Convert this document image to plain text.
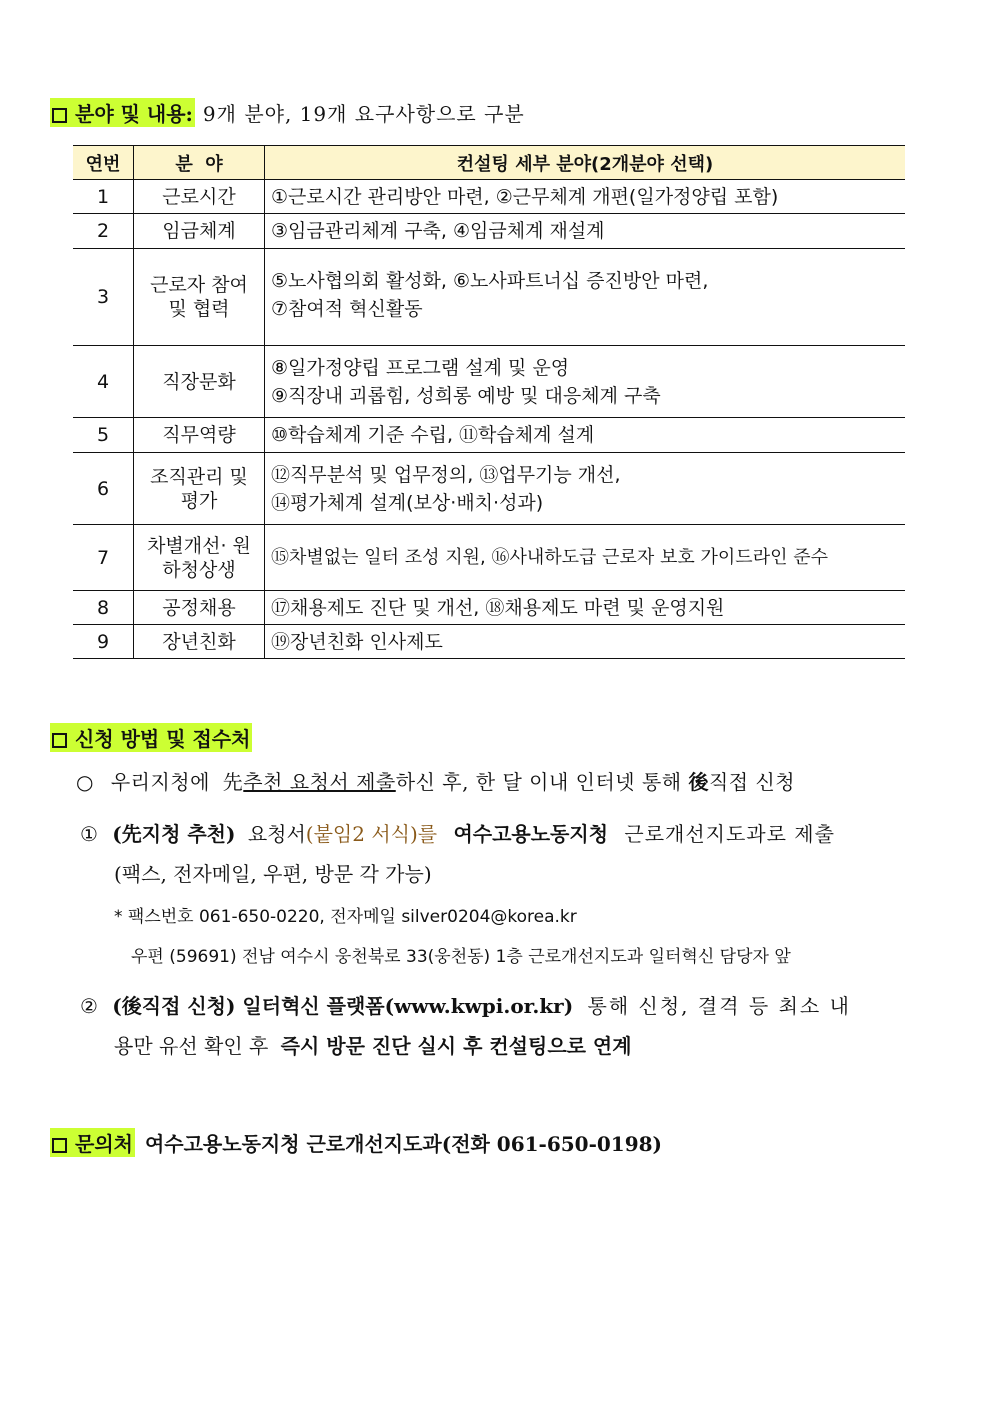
분야 및 내용: 9개 분야, 19개 요구사항으로 구분
연번	분  야	컨설팅 세부 분야(2개분야 선택)
1	근로시간	①근로시간 관리방안 마련, ②근무체계 개편(일가정양립 포함)

2	임금체계	③임금관리체계 구축, ④임금체계 재설계

3	근로자 참여 및 협력	⑤노사협의회 활성화, ⑥노사파트너십 증진방안 마련,
⑦참여적 혁신활동

4	직장문화	⑧일가정양립 프로그램 설계 및 운영
⑨직장내 괴롭힘, 성희롱 예방 및 대응체계 구축

5	직무역량	⑩학습체계 기준 수립, ⑪학습체계 설계

6	조직관리 및 평가	⑫직무분석 및 업무정의, ⑬업무기능 개선,
⑭평가체계 설계(보상·배치·성과)

7	차별개선· 원하청상생	⑮차별없는 일터 조성 지원, ⑯사내하도급 근로자 보호 가이드라인 준수

8	공정채용	⑰채용제도 진단 및 개선, ⑱채용제도 마련 및 운영지원

9	장년친화	⑲장년친화 인사제도
신청 방법 및 접수처
○ 우리지청에 先추천 요청서 제출하신 후, 한 달 이내 인터넷 통해 後직접 신청
① (先지청 추천) 요청서(붙임2 서식)를 여수고용노동지청 근로개선지도과로 제출
(팩스, 전자메일, 우편, 방문 각 가능)
* 팩스번호 061-650-0220, 전자메일 silver0204@korea.kr
우편 (59691) 전남 여수시 웅천북로 33(웅천동) 1층 근로개선지도과 일터혁신 담당자 앞
② (後직접 신청) 일터혁신 플랫폼(www.kwpi.or.kr) 통해 신청, 결격 등 최소 내
용만 유선 확인 후 즉시 방문 진단 실시 후 컨설팅으로 연계
문의처 여수고용노동지청 근로개선지도과(전화 061-650-0198)
